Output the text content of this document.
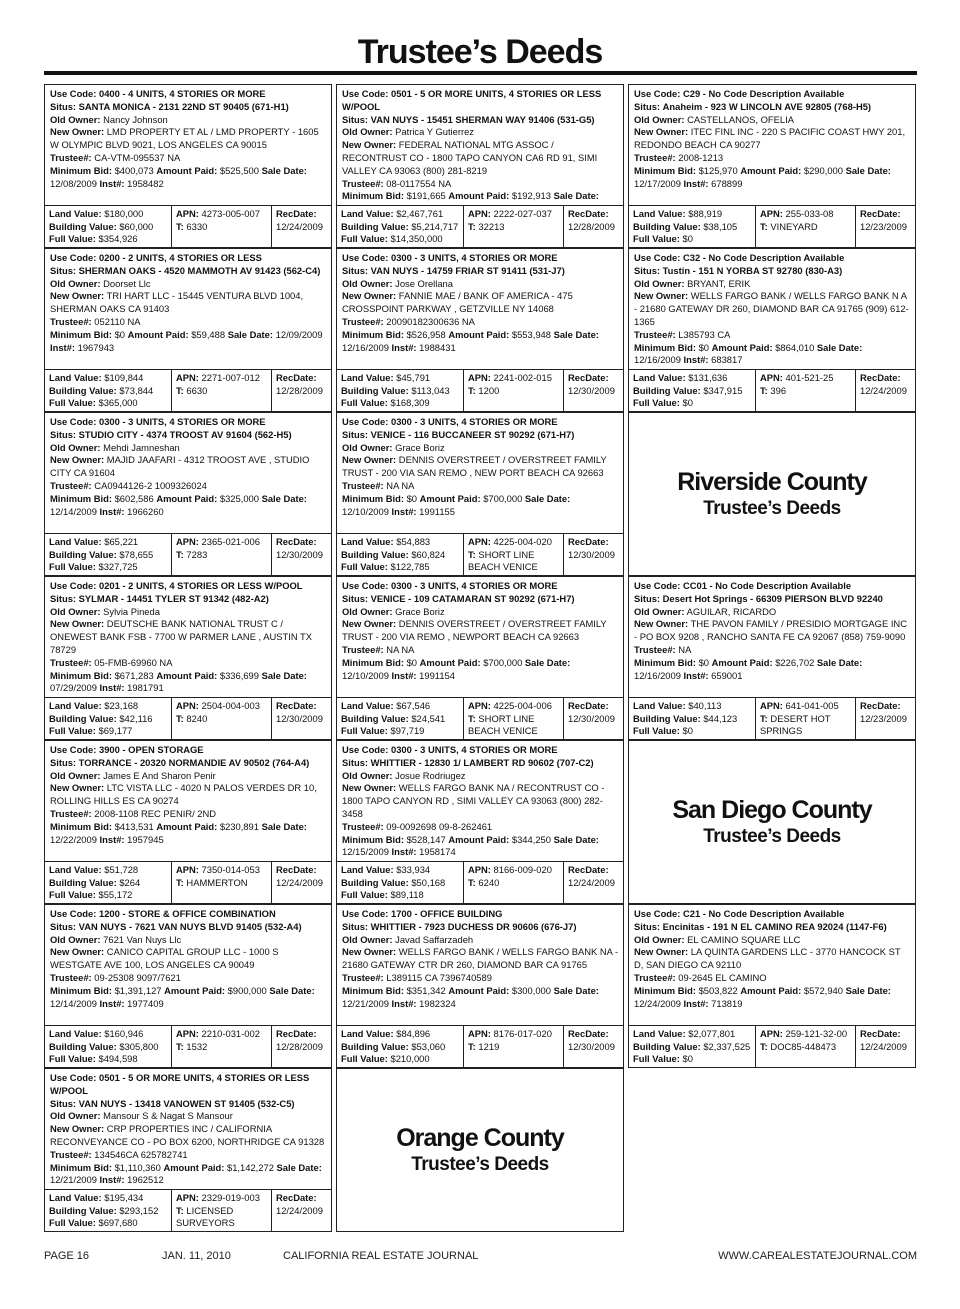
Trustee’s Deeds
Use Code: 0400 - 4 UNITS, 4 STORIES OR MORE
Situs: SANTA MONICA - 2131 22ND ST 90405 (671-H1)
Old Owner: Nancy Johnson
New Owner: LMD PROPERTY ET AL / LMD PROPERTY - 1605 W OLYMPIC BLVD 9021, LOS ANGELES CA 90015
Trustee#: CA-VTM-095537 NA
Minimum Bid: $400,073 Amount Paid: $525,500 Sale Date: 12/08/2009 Inst#: 1958482
Land Value: $180,000
Building Value: $60,000
Full Value: $354,926
APN: 4273-005-007
T: 6330
RecDate:
12/24/2009
Use Code: 0200 - 2 UNITS, 4 STORIES OR LESS
Situs: SHERMAN OAKS - 4520 MAMMOTH AV 91423 (562-C4)
Old Owner: Doorset Llc
New Owner: TRI HART LLC - 15445 VENTURA BLVD 1004, SHERMAN OAKS CA 91403
Trustee#: 052110 NA
Minimum Bid: $0 Amount Paid: $59,488 Sale Date: 12/09/2009 Inst#: 1967943
Land Value: $109,844
Building Value: $73,844
Full Value: $365,000
APN: 2271-007-012
T: 6630
RecDate:
12/28/2009
Use Code: 0300 - 3 UNITS, 4 STORIES OR MORE
Situs: STUDIO CITY - 4374 TROOST AV 91604 (562-H5)
Old Owner: Mehdi Jamneshan
New Owner: MAJID JAAFARI - 4312 TROOST AVE , STUDIO CITY CA 91604
Trustee#: CA0944126-2 1009326024
Minimum Bid: $602,586 Amount Paid: $325,000 Sale Date: 12/14/2009 Inst#: 1966260
Land Value: $65,221
Building Value: $78,655
Full Value: $327,725
APN: 2365-021-006
T: 7283
RecDate:
12/30/2009
Use Code: 0201 - 2 UNITS, 4 STORIES OR LESS W/POOL
Situs: SYLMAR - 14451 TYLER ST 91342 (482-A2)
Old Owner: Sylvia Pineda
New Owner: DEUTSCHE BANK NATIONAL TRUST C / ONEWEST BANK FSB - 7700 W PARMER LANE , AUSTIN TX 78729
Trustee#: 05-FMB-69960 NA
Minimum Bid: $671,283 Amount Paid: $336,699 Sale Date: 07/29/2009 Inst#: 1981791
Land Value: $23,168
Building Value: $42,116
Full Value: $69,177
APN: 2504-004-003
T: 8240
RecDate:
12/30/2009
Use Code: 3900 - OPEN STORAGE
Situs: TORRANCE - 20320 NORMANDIE AV 90502 (764-A4)
Old Owner: James E And Sharon Penir
New Owner: LTC VISTA LLC - 4020 N PALOS VERDES DR 10, ROLLING HILLS ES CA 90274
Trustee#: 2008-1108 REC PENIR/ 2ND
Minimum Bid: $413,531 Amount Paid: $230,891 Sale Date: 12/22/2009 Inst#: 1957945
Land Value: $51,728
Building Value: $264
Full Value: $55,172
APN: 7350-014-053
T: HAMMERTON
RecDate:
12/24/2009
Use Code: 1200 - STORE & OFFICE COMBINATION
Situs: VAN NUYS - 7621 VAN NUYS BLVD 91405 (532-A4)
Old Owner: 7621 Van Nuys Llc
New Owner: CANICO CAPITAL GROUP LLC - 1000 S WESTGATE AVE 100, LOS ANGELES CA 90049
Trustee#: 09-25308 9097/7621
Minimum Bid: $1,391,127 Amount Paid: $900,000 Sale Date: 12/14/2009 Inst#: 1977409
Land Value: $160,946
Building Value: $305,800
Full Value: $494,598
APN: 2210-031-002
T: 1532
RecDate:
12/28/2009
Use Code: 0501 - 5 OR MORE UNITS, 4 STORIES OR LESS W/POOL
Situs: VAN NUYS - 13418 VANOWEN ST 91405 (532-C5)
Old Owner: Mansour S & Nagat S Mansour
New Owner: CRP PROPERTIES INC / CALIFORNIA RECONVEYANCE CO - PO BOX 6200, NORTHRIDGE CA 91328
Trustee#: 134546CA 625782741
Minimum Bid: $1,110,360 Amount Paid: $1,142,272 Sale Date: 12/21/2009 Inst#: 1962512
Land Value: $195,434
Building Value: $293,152
Full Value: $697,680
APN: 2329-019-003
T: LICENSED SURVEYORS
RecDate:
12/24/2009
Use Code: 0501 - 5 OR MORE UNITS, 4 STORIES OR LESS W/POOL
Situs: VAN NUYS - 15451 SHERMAN WAY 91406 (531-G5)
Old Owner: Patrica Y Gutierrez
New Owner: FEDERAL NATIONAL MTG ASSOC / RECONTRUST CO - 1800 TAPO CANYON CA6 RD 91, SIMI VALLEY CA 93063 (800) 281-8219
Trustee#: 08-0117554 NA
Minimum Bid: $191,665 Amount Paid: $192,913 Sale Date:
Land Value: $2,467,761
Building Value: $5,214,717
Full Value: $14,350,000
APN: 2222-027-037
T: 32213
RecDate:
12/28/2009
Use Code: 0300 - 3 UNITS, 4 STORIES OR MORE
Situs: VAN NUYS - 14759 FRIAR ST 91411 (531-J7)
Old Owner: Jose Orellana
New Owner: FANNIE MAE / BANK OF AMERICA - 475 CROSSPOINT PARKWAY , GETZVILLE NY 14068
Trustee#: 20090182300636 NA
Minimum Bid: $526,958 Amount Paid: $553,948 Sale Date: 12/16/2009 Inst#: 1988431
Land Value: $45,791
Building Value: $113,043
Full Value: $168,309
APN: 2241-002-015
T: 1200
RecDate:
12/30/2009
Use Code: 0300 - 3 UNITS, 4 STORIES OR MORE
Situs: VENICE - 116 BUCCANEER ST 90292 (671-H7)
Old Owner: Grace Boriz
New Owner: DENNIS OVERSTREET / OVERSTREET FAMILY TRUST - 200 VIA SAN REMO , NEW PORT BEACH CA 92663
Trustee#: NA NA
Minimum Bid: $0 Amount Paid: $700,000 Sale Date: 12/10/2009 Inst#: 1991155
Land Value: $54,883
Building Value: $60,824
Full Value: $122,785
APN: 4225-004-020
T: SHORT LINE BEACH VENICE
RecDate:
12/30/2009
Use Code: 0300 - 3 UNITS, 4 STORIES OR MORE
Situs: VENICE - 109 CATAMARAN ST 90292 (671-H7)
Old Owner: Grace Boriz
New Owner: DENNIS OVERSTREET / OVERSTREET FAMILY TRUST - 200 VIA REMO , NEWPORT BEACH CA 92663
Trustee#: NA NA
Minimum Bid: $0 Amount Paid: $700,000 Sale Date: 12/10/2009 Inst#: 1991154
Land Value: $67,546
Building Value: $24,541
Full Value: $97,719
APN: 4225-004-006
T: SHORT LINE BEACH VENICE
RecDate:
12/30/2009
Use Code: 0300 - 3 UNITS, 4 STORIES OR MORE
Situs: WHITTIER - 12830 1/ LAMBERT RD 90602 (707-C2)
Old Owner: Josue Rodriugez
New Owner: WELLS FARGO BANK NA / RECONTRUST CO - 1800 TAPO CANYON RD , SIMI VALLEY CA 93063 (800) 282-3458
Trustee#: 09-0092698 09-8-262461
Minimum Bid: $528,147 Amount Paid: $344,250 Sale Date: 12/15/2009 Inst#: 1958174
Land Value: $33,934
Building Value: $50,168
Full Value: $89,118
APN: 8166-009-020
T: 6240
RecDate:
12/24/2009
Use Code: 1700 - OFFICE BUILDING
Situs: WHITTIER - 7923 DUCHESS DR 90606 (676-J7)
Old Owner: Javad Saffarzadeh
New Owner: WELLS FARGO BANK / WELLS FARGO BANK NA - 21680 GATEWAY CTR DR 260, DIAMOND BAR CA 91765
Trustee#: L389115 CA 7396740589
Minimum Bid: $351,342 Amount Paid: $300,000 Sale Date: 12/21/2009 Inst#: 1982324
Land Value: $84,896
Building Value: $53,060
Full Value: $210,000
APN: 8176-017-020
T: 1219
RecDate:
12/30/2009
Orange County
Trustee’s Deeds
Use Code: C29 - No Code Description Available
Situs: Anaheim - 923 W LINCOLN AVE 92805 (768-H5)
Old Owner: CASTELLANOS, OFELIA
New Owner: ITEC FINL INC - 220 S PACIFIC COAST HWY 201, REDONDO BEACH CA 90277
Trustee#: 2008-1213
Minimum Bid: $125,970 Amount Paid: $290,000 Sale Date: 12/17/2009 Inst#: 678899
Land Value: $88,919
Building Value: $38,105
Full Value: $0
APN: 255-033-08
T: VINEYARD
RecDate:
12/23/2009
Use Code: C32 - No Code Description Available
Situs: Tustin - 151 N YORBA ST 92780 (830-A3)
Old Owner: BRYANT, ERIK
New Owner: WELLS FARGO BANK / WELLS FARGO BANK N A - 21680 GATEWAY DR 260, DIAMOND BAR CA 91765 (909) 612-1365
Trustee#: L385793 CA
Minimum Bid: $0 Amount Paid: $864,010 Sale Date: 12/16/2009 Inst#: 683817
Land Value: $131,636
Building Value: $347,915
Full Value: $0
APN: 401-521-25
T: 396
RecDate:
12/24/2009
Riverside County
Trustee’s Deeds
Use Code: CC01 - No Code Description Available
Situs: Desert Hot Springs - 66309 PIERSON BLVD 92240
Old Owner: AGUILAR, RICARDO
New Owner: THE PAVON FAMILY / PRESIDIO MORTGAGE INC - PO BOX 9208 , RANCHO SANTA FE CA 92067 (858) 759-9090
Trustee#: NA
Minimum Bid: $0 Amount Paid: $226,702 Sale Date: 12/16/2009 Inst#: 659001
Land Value: $40,113
Building Value: $44,123
Full Value: $0
APN: 641-041-005
T: DESERT HOT SPRINGS
RecDate:
12/23/2009
San Diego County
Trustee’s Deeds
Use Code: C21 - No Code Description Available
Situs: Encinitas - 191 N EL CAMINO REA 92024 (1147-F6)
Old Owner: EL CAMINO SQUARE LLC
New Owner: LA QUINTA GARDENS LLC - 3770 HANCOCK ST D, SAN DIEGO CA 92110
Trustee#: 09-2645 EL CAMINO
Minimum Bid: $503,822 Amount Paid: $572,940 Sale Date: 12/24/2009 Inst#: 713819
Land Value: $2,077,801
Building Value: $2,337,525
Full Value: $0
APN: 259-121-32-00
T: DOC85-448473
RecDate:
12/24/2009
PAGE 16	JAN. 11, 2010	CALIFORNIA REAL ESTATE JOURNAL	WWW.CAREALESTATEJOURNAL.COM
